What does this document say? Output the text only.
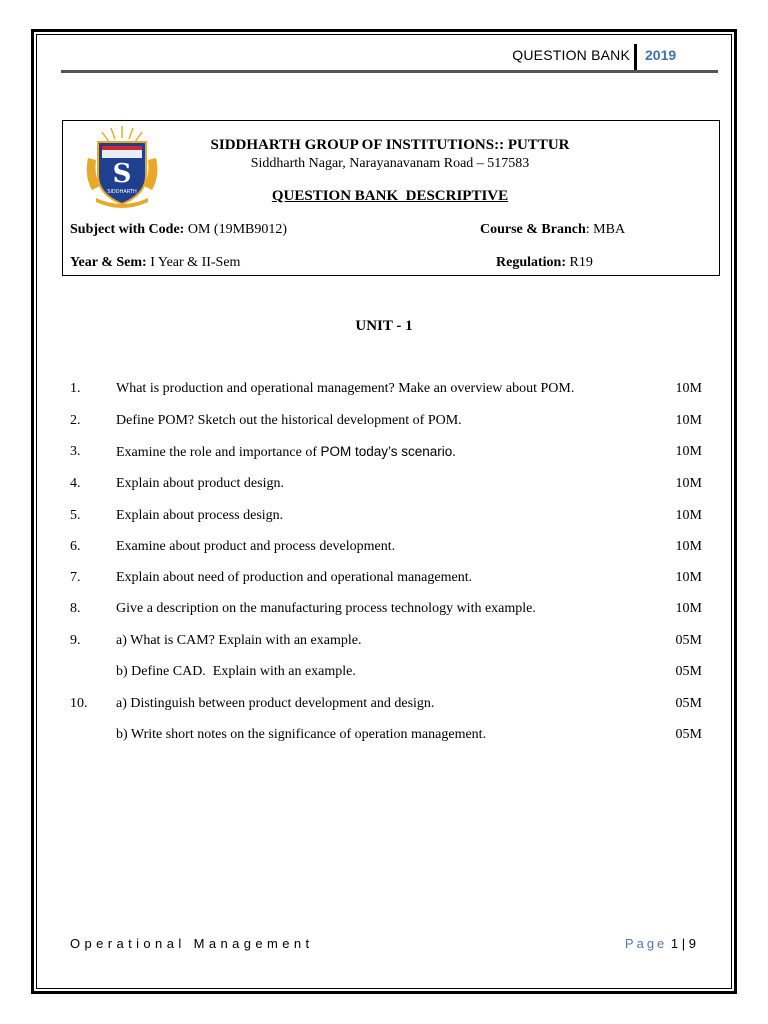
QUESTION BANK 2019
S
SIDDHARTH
SIDDHARTH GROUP OF INSTITUTIONS:: PUTTUR
Siddharth Nagar, Narayanavanam Road – 517583
QUESTION BANK  DESCRIPTIVE
Subject with Code: OM (19MB9012)	Course & Branch: MBA
Year & Sem: I Year & II-Sem	Regulation: R19
UNIT - 1
1.	What is production and operational management? Make an overview about POM.	10M
2.	Define POM? Sketch out the historical development of POM.	10M
3.	Examine the role and importance of POM today’s scenario.	10M
4.	Explain about product design.	10M
5.	Explain about process design.	10M
6.	Examine about product and process development.	10M
7.	Explain about need of production and operational management.	10M
8.	Give a description on the manufacturing process technology with example.	10M
9.	a) What is CAM? Explain with an example.	05M
b) Define CAD.  Explain with an example.	05M
10. a) Distinguish between product development and design.	05M
b) Write short notes on the significance of operation management.	05M
Operational Management	Page 1 | 9
